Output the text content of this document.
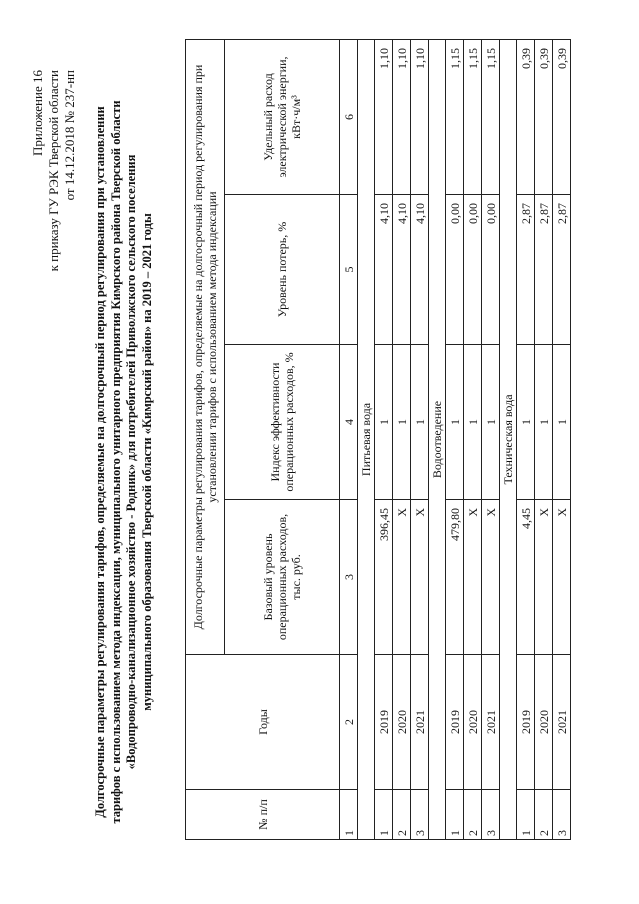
Приложение 16 к приказу ГУ РЭК Тверской области от 14.12.2018 № 237-нп Долгосрочные параметры регулирования тарифов, определяемые на долгосрочный период регулирования при установлении тарифов с использованием метода индексации, муниципального унитарного предприятия Кимрского района Тверской области «Водопроводно-канализационное хозяйство - Родник» для потребителей Приволжского сельского поселения муниципального образования Тверской области «Кимрский район» на 2019 – 2021 годы
№ п/п	Годы	Долгосрочные параметры регулирования тарифов, определяемые на долгосрочный период регулирования при установлении тарифов с использованием метода индексации			
		Базовый уровень операционных расходов, тыс. руб.	Индекс эффективности операционных расходов, %	Уровень потерь, %	Удельный расход электрической энергии, кВт·ч/м³
1	2	3	4	5	6
Питьевая вода					
1	2019	396,45	1	4,10	1,10
2	2020	X	1	4,10	1,10
3	2021	X	1	4,10	1,10
Водоотведение					
1	2019	479,80	1	0,00	1,15
2	2020	X	1	0,00	1,15
3	2021	X	1	0,00	1,15
Техническая вода					
1	2019	4,45	1	2,87	0,39
2	2020	X	1	2,87	0,39
3	2021	X	1	2,87	0,39
